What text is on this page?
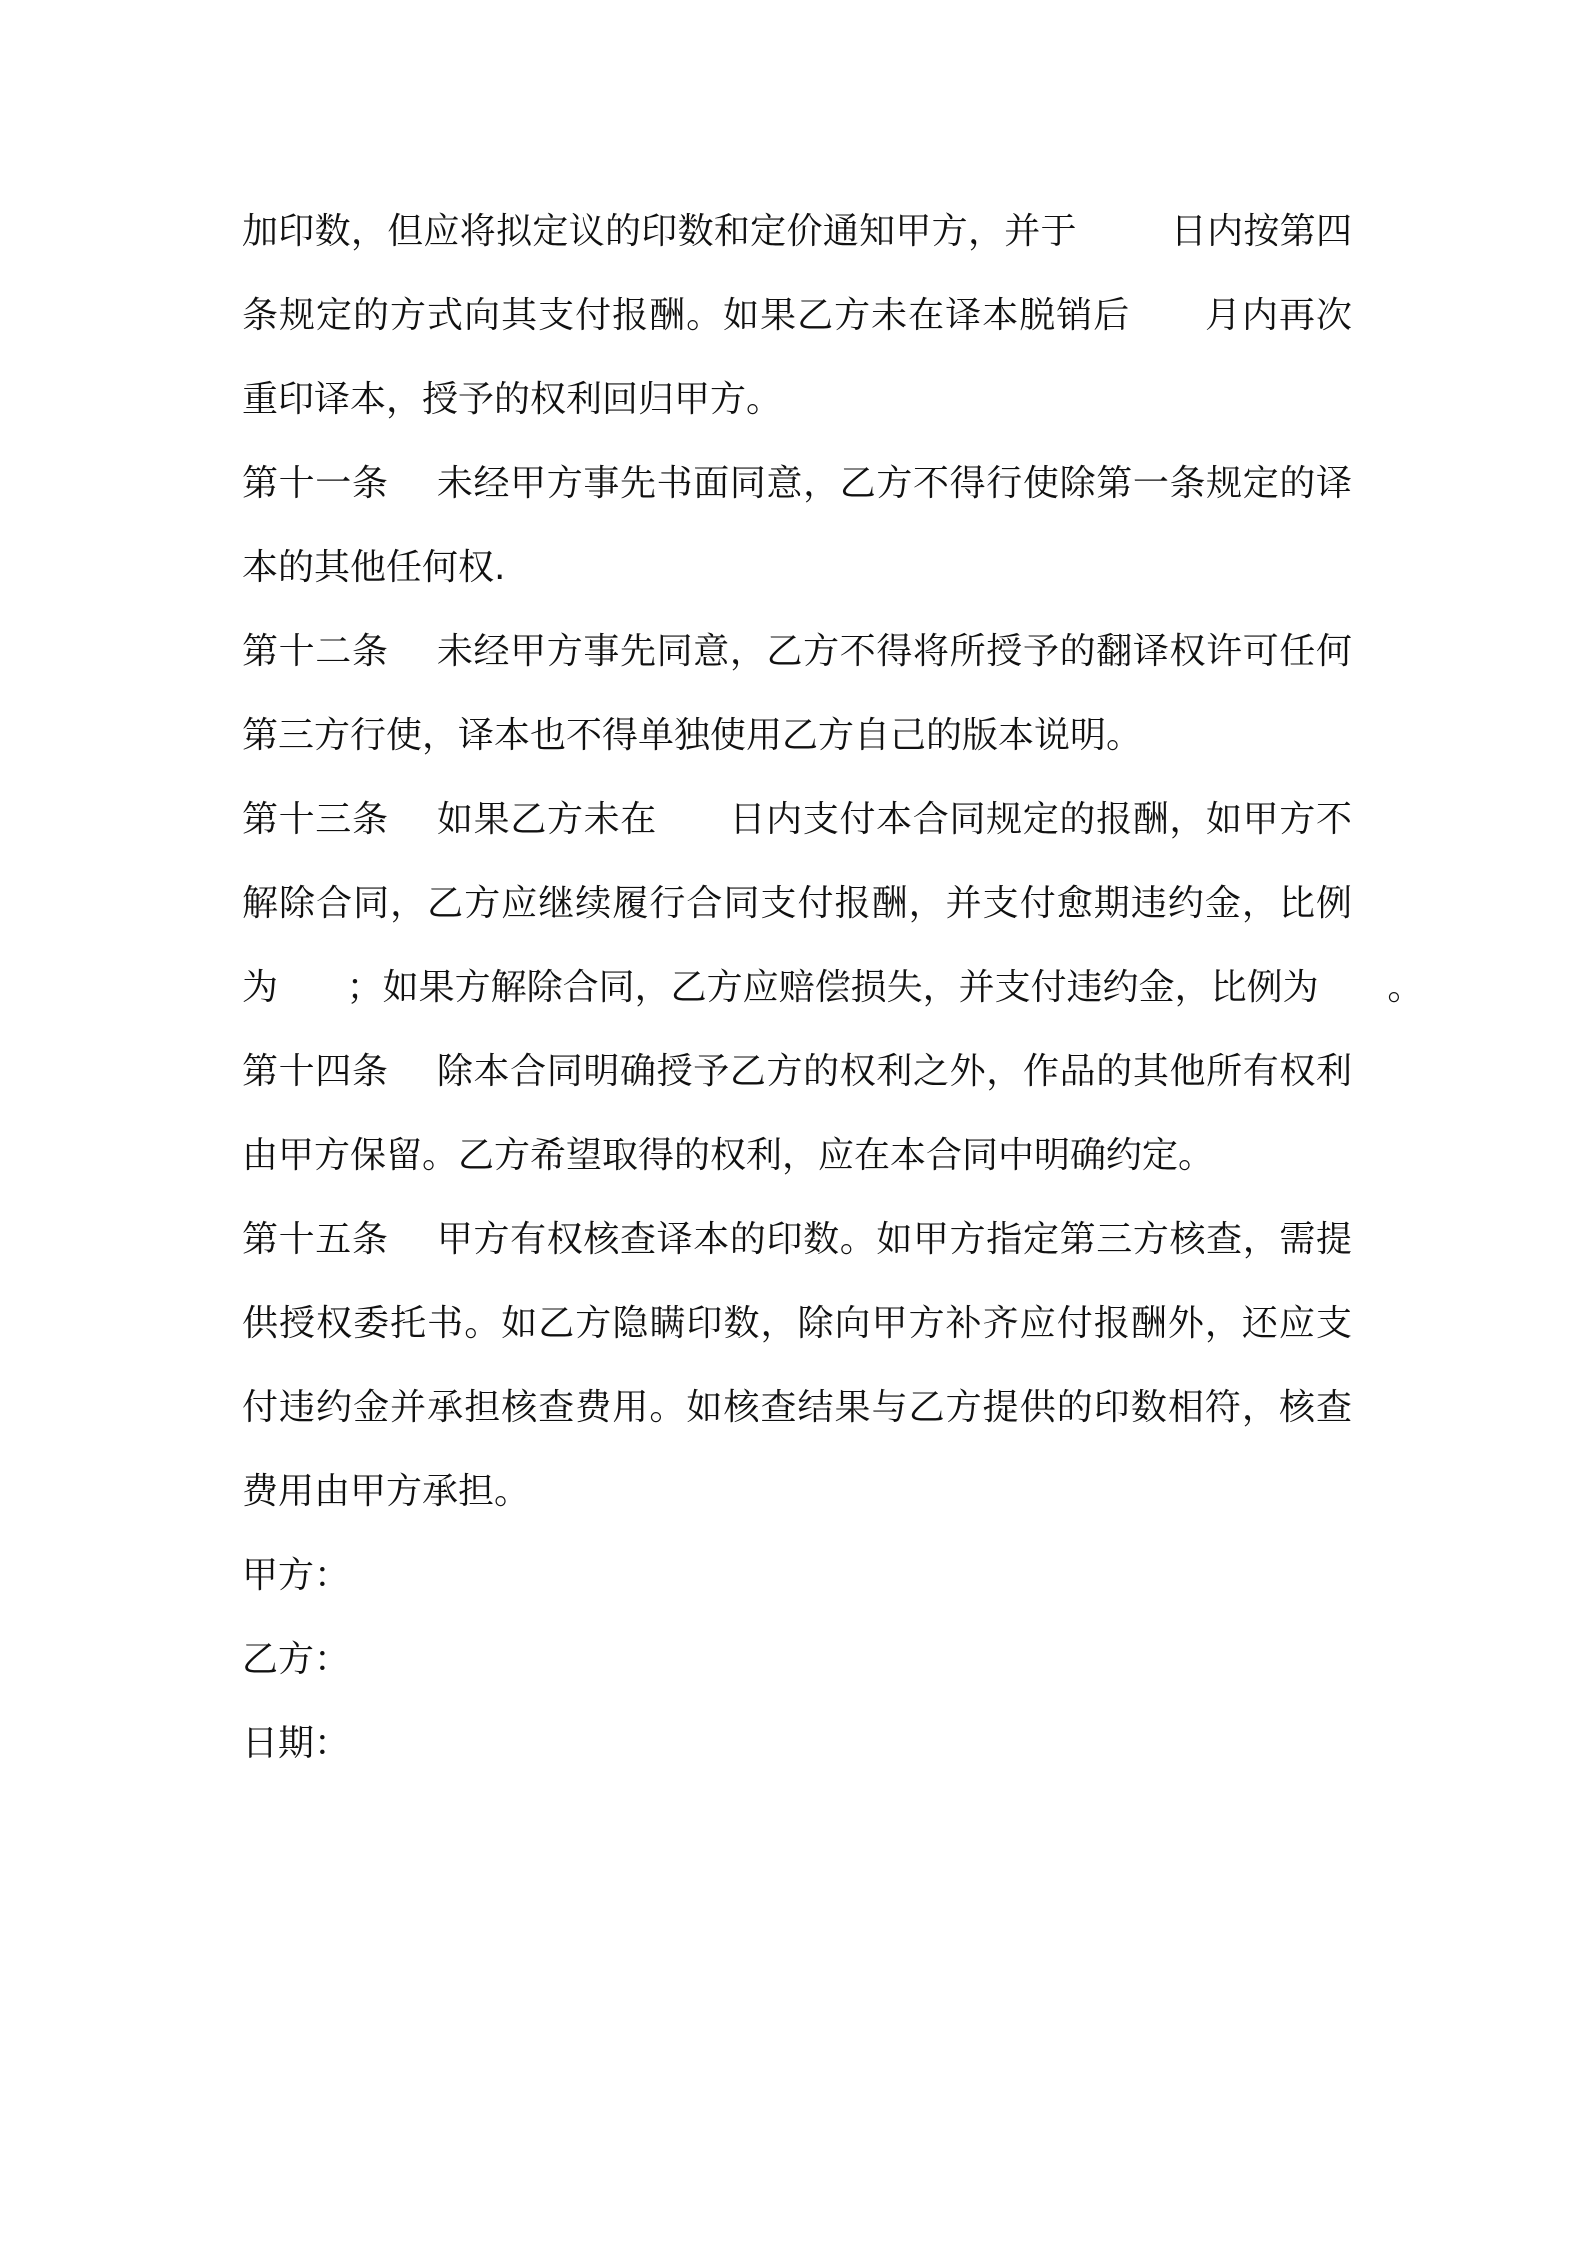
加印数，但应将拟定议的印数和定价通知甲方，并于        日内按第四
条规定的方式向其支付报酬。如果乙方未在译本脱销后      月内再次
重印译本，授予的权利回归甲方。
第十一条    未经甲方事先书面同意，乙方不得行使除第一条规定的译
本的其他任何权.
第十二条    未经甲方事先同意，乙方不得将所授予的翻译权许可任何
第三方行使，译本也不得单独使用乙方自己的版本说明。
第十三条    如果乙方未在      日内支付本合同规定的报酬，如甲方不
解除合同，乙方应继续履行合同支付报酬，并支付愈期违约金，比例
为      ；如果方解除合同，乙方应赔偿损失，并支付违约金，比例为      。
第十四条    除本合同明确授予乙方的权利之外，作品的其他所有权利
由甲方保留。乙方希望取得的权利，应在本合同中明确约定。
第十五条    甲方有权核查译本的印数。如甲方指定第三方核查，需提
供授权委托书。如乙方隐瞒印数，除向甲方补齐应付报酬外，还应支
付违约金并承担核查费用。如核查结果与乙方提供的印数相符，核查
费用由甲方承担。
甲方：
乙方：
日期：
